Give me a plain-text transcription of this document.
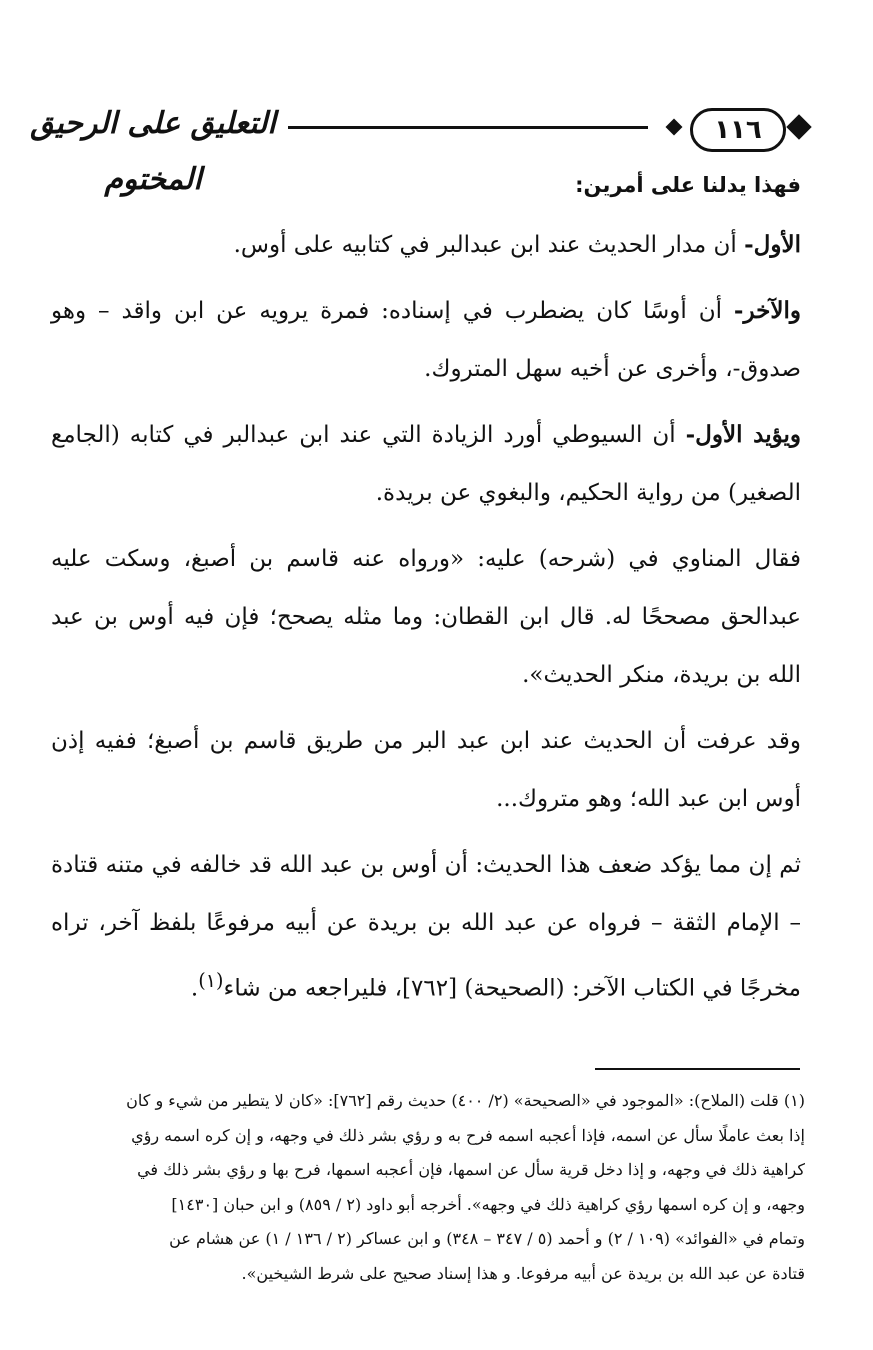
١١٦
التعليق على الرحيق المختوم	فهذا يدلنا على أمرين:

الأول- أن مدار الحديث عند ابن عبدالبر في كتابيه على أوس.

والآخر- أن أوسًا كان يضطرب في إسناده: فمرة يرويه عن ابن واقد – وهو صدوق-، وأخرى عن أخيه سهل المتروك.

ويؤيد الأول- أن السيوطي أورد الزيادة التي عند ابن عبدالبر في كتابه (الجامع الصغير) من رواية الحكيم، والبغوي عن بريدة.

فقال المناوي في (شرحه) عليه: «ورواه عنه قاسم بن أصبغ، وسكت عليه عبدالحق مصححًا له. قال ابن القطان: وما مثله يصحح؛ فإن فيه أوس بن عبد الله بن بريدة، منكر الحديث».

وقد عرفت أن الحديث عند ابن عبد البر من طريق قاسم بن أصبغ؛ ففيه إذن أوس ابن عبد الله؛ وهو متروك...

ثم إن مما يؤكد ضعف هذا الحديث: أن أوس بن عبد الله قد خالفه في متنه قتادة – الإمام الثقة – فرواه عن عبد الله بن بريدة عن أبيه مرفوعًا بلفظ آخر، تراه مخرجًا في الكتاب الآخر: (الصحيحة) [٧٦٢]، فليراجعه من شاء$^{(١)}$.

(١) قلت (الملاح): «الموجود في «الصحيحة» (٢/ ٤٠٠) حديث رقم [٧٦٢]: «كان لا يتطير من شيء و كان

إذا بعث عاملًا سأل عن اسمه، فإذا أعجبه اسمه فرح به و رؤي بشر ذلك في وجهه، و إن كره اسمه رؤي

كراهية ذلك في وجهه، و إذا دخل قرية سأل عن اسمها، فإن أعجبه اسمها، فرح بها و رؤي بشر ذلك في

وجهه، و إن كره اسمها رؤي كراهية ذلك في وجهه». أخرجه أبو داود (٢ / ٨٥٩) و ابن حبان [١٤٣٠]

وتمام في «الفوائد» (١٠٩ / ٢) و أحمد (٥ / ٣٤٧ – ٣٤٨) و ابن عساكر (٢ / ١٣٦ / ١) عن هشام عن

قتادة عن عبد الله بن بريدة عن أبيه مرفوعا. و هذا إسناد صحيح على شرط الشيخين».
